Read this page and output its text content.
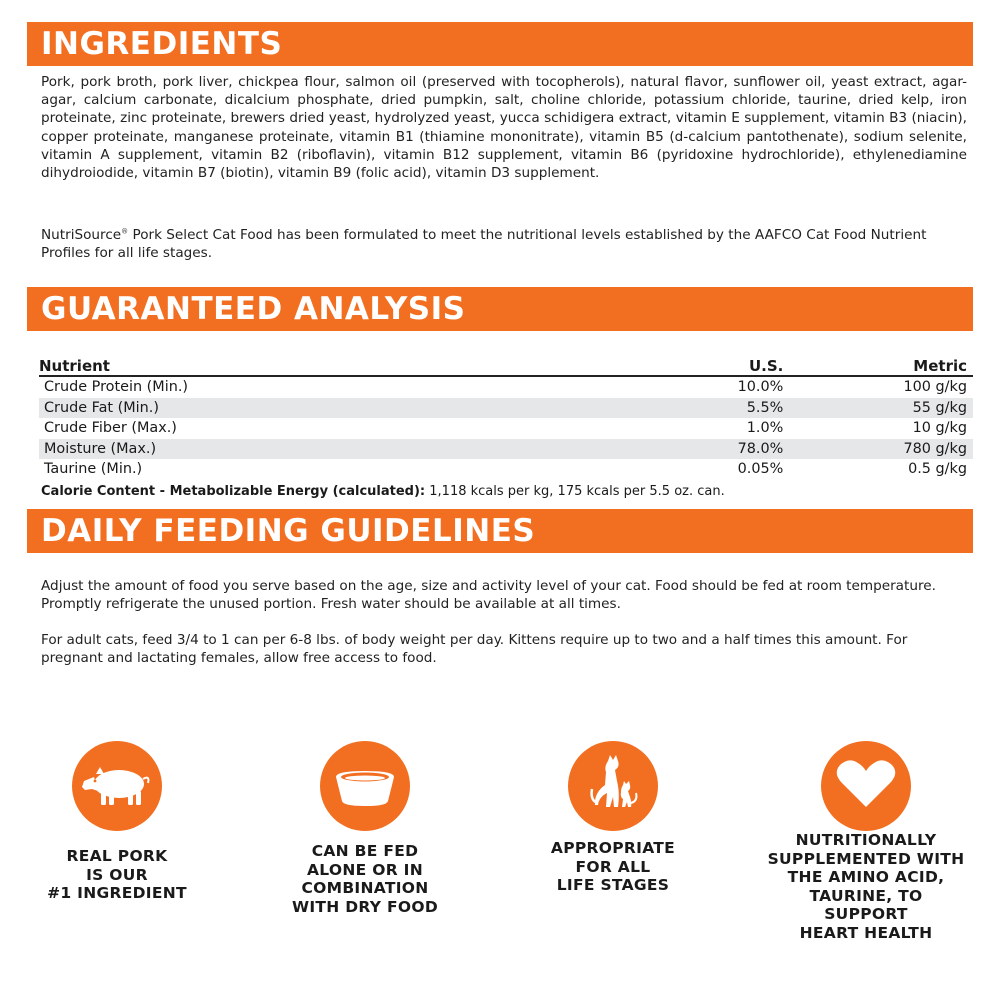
INGREDIENTS

Pork, pork broth, pork liver, chickpea flour, salmon oil (preserved with tocopherols), natural flavor, sunflower oil, yeast extract, agar-agar, calcium carbonate, dicalcium phosphate, dried pumpkin, salt, choline chloride, potassium chloride, taurine, dried kelp, iron proteinate, zinc proteinate, brewers dried yeast, hydrolyzed yeast, yucca schidigera extract, vitamin E supplement, vitamin B3 (niacin), copper proteinate, manganese proteinate, vitamin B1 (thiamine mononitrate), vitamin B5 (d-calcium pantothenate), sodium selenite, vitamin A supplement, vitamin B2 (riboflavin), vitamin B12 supplement, vitamin B6 (pyridoxine hydrochloride), ethylenediamine dihydroiodide, vitamin B7 (biotin), vitamin B9 (folic acid), vitamin D3 supplement.

NutriSource® Pork Select Cat Food has been formulated to meet the nutritional levels established by the AAFCO Cat Food Nutrient Profiles for all life stages.

GUARANTEED ANALYSIS
Nutrient	U.S.	Metric
Crude Protein (Min.)	10.0%	100 g/kg
Crude Fat (Min.)	5.5%	55 g/kg
Crude Fiber (Max.)	1.0%	10 g/kg
Moisture (Max.)	78.0%	780 g/kg
Taurine (Min.)	0.05%	0.5 g/kg
Calorie Content - Metabolizable Energy (calculated): 1,118 kcals per kg, 175 kcals per 5.5 oz. can.
DAILY FEEDING GUIDELINES

Adjust the amount of food you serve based on the age, size and activity level of your cat. Food should be fed at room temperature. Promptly refrigerate the unused portion. Fresh water should be available at all times.

For adult cats, feed 3/4 to 1 can per 6-8 lbs. of body weight per day. Kittens require up to two and a half times this amount. For pregnant and lactating females, allow free access to food.

REAL PORK
IS OUR
#1 INGREDIENT
CAN BE FED
ALONE OR IN
COMBINATION
WITH DRY FOOD
APPROPRIATE
FOR ALL
LIFE STAGES
NUTRITIONALLY
SUPPLEMENTED WITH
THE AMINO ACID,
TAURINE, TO SUPPORT
HEART HEALTH
